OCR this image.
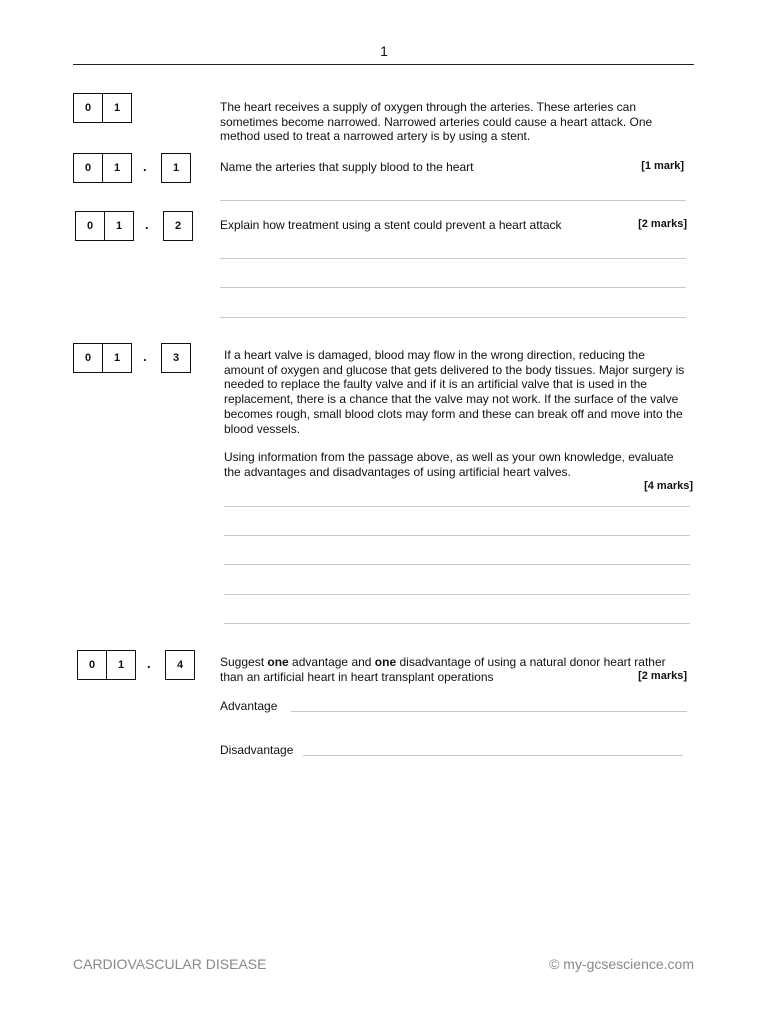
1
0	1	The heart receives a supply of oxygen through the arteries. These arteries can sometimes become narrowed. Narrowed arteries could cause a heart attack. One method used to treat a narrowed artery is by using a stent.
0	1	.	1	Name the arteries that supply blood to the heart	[1 mark]
0	1	.	2	Explain how treatment using a stent could prevent a heart attack	[2 marks]
0	1	.	3	If a heart valve is damaged, blood may flow in the wrong direction, reducing the amount of oxygen and glucose that gets delivered to the body tissues. Major surgery is needed to replace the faulty valve and if it is an artificial valve that is used in the replacement, there is a chance that the valve may not work. If the surface of the valve becomes rough, small blood clots may form and these can break off and move into the blood vessels.
Using information from the passage above, as well as your own knowledge, evaluate the advantages and disadvantages of using artificial heart valves.
[4 marks]
0	1	.	4	Suggest one advantage and one disadvantage of using a natural donor heart rather than an artificial heart in heart transplant operations	[2 marks]
Advantage
Disadvantage
CARDIOVASCULAR DISEASE	© my-gcsescience.com
